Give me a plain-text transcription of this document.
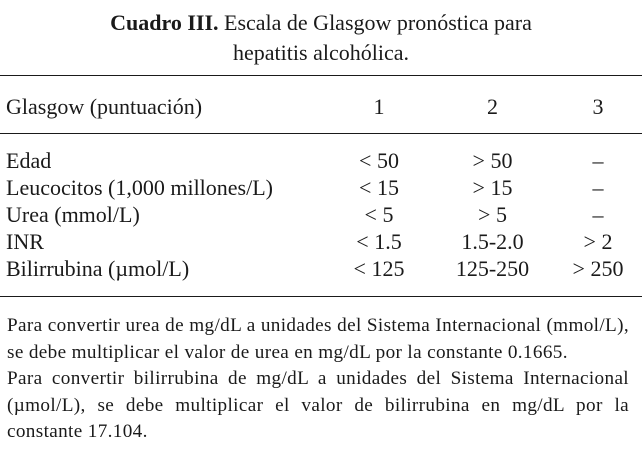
Cuadro III. Escala de Glasgow pronóstica para
hepatitis alcohólica.
Glasgow (puntuación)	1	2	3
Edad	< 50	> 50	–
Leucocitos (1,000 millones/L)	< 15	> 15	–
Urea (mmol/L)	< 5	> 5	–
INR	< 1.5	1.5-2.0	> 2
Bilirrubina (µmol/L)	< 125	125-250	> 250

Para convertir urea de mg/dL a unidades del Sistema Internacional (mmol/L), se debe multiplicar el valor de urea en mg/dL por la constante 0.1665.

Para convertir bilirrubina de mg/dL a unidades del Sistema Internacional (µmol/L), se debe multiplicar el valor de bilirrubina en mg/dL por la constante 17.104.
